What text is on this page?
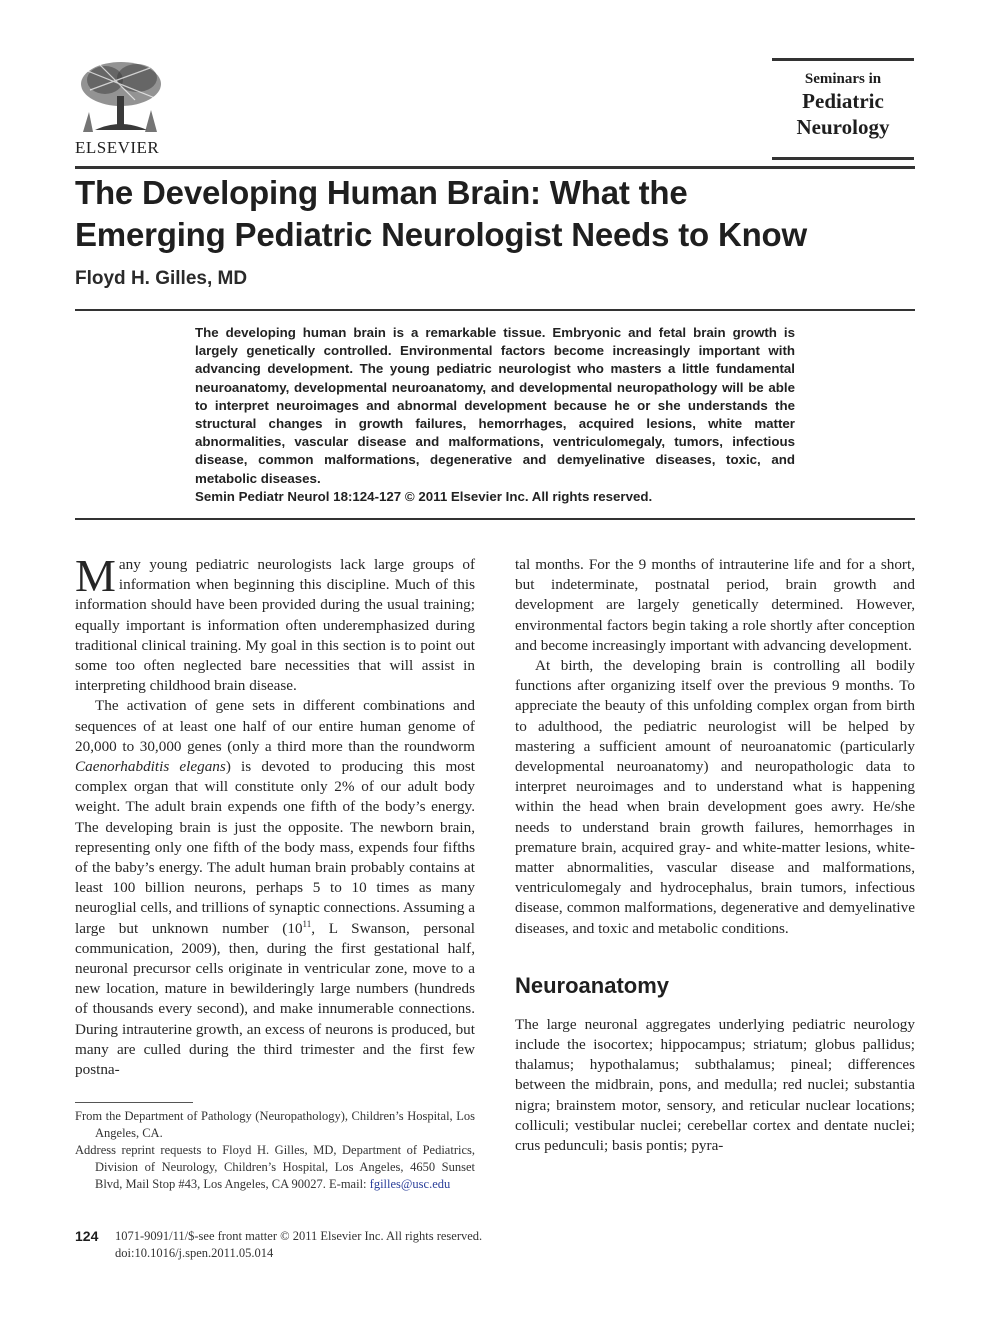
ELSEVIER
Seminars in
Pediatric
Neurology
The Developing Human Brain: What the
Emerging Pediatric Neurologist Needs to Know
Floyd H. Gilles, MD
The developing human brain is a remarkable tissue. Embryonic and fetal brain growth is largely genetically controlled. Environmental factors become increasingly important with advancing development. The young pediatric neurologist who masters a little fundamental neuroanatomy, developmental neuroanatomy, and developmental neuropathology will be able to interpret neuroimages and abnormal development because he or she understands the structural changes in growth failures, hemorrhages, acquired lesions, white matter abnormalities, vascular disease and malformations, ventriculomegaly, tumors, infectious disease, common malformations, degenerative and demyelinative diseases, toxic, and metabolic diseases.
Semin Pediatr Neurol 18:124-127 © 2011 Elsevier Inc. All rights reserved.

Many young pediatric neurologists lack large groups of information when beginning this discipline. Much of this information should have been provided during the usual training; equally important is information often underemphasized during traditional clinical training. My goal in this section is to point out some too often neglected bare necessities that will assist in interpreting childhood brain disease.

The activation of gene sets in different combinations and sequences of at least one half of our entire human genome of 20,000 to 30,000 genes (only a third more than the roundworm Caenorhabditis elegans) is devoted to producing this most complex organ that will constitute only 2% of our adult body weight. The adult brain expends one fifth of the body’s energy. The developing brain is just the opposite. The newborn brain, representing only one fifth of the body mass, expends four fifths of the baby’s energy. The adult human brain probably contains at least 100 billion neurons, perhaps 5 to 10 times as many neuroglial cells, and trillions of synaptic connections. Assuming a large but unknown number ($10^{11}$, L Swanson, personal communication, 2009), then, during the first gestational half, neuronal precursor cells originate in ventricular zone, move to a new location, mature in bewilderingly large numbers (hundreds of thousands every second), and make innumerable connections. During intrauterine growth, an excess of neurons is produced, but many are culled during the third trimester and the first few postna-

tal months. For the 9 months of intrauterine life and for a short, but indeterminate, postnatal period, brain growth and development are largely genetically determined. However, environmental factors begin taking a role shortly after conception and become increasingly important with advancing development.

At birth, the developing brain is controlling all bodily functions after organizing itself over the previous 9 months. To appreciate the beauty of this unfolding complex organ from birth to adulthood, the pediatric neurologist will be helped by mastering a sufficient amount of neuroanatomic (particularly developmental neuroanatomy) and neuropathologic data to interpret neuroimages and to understand what is happening within the head when brain development goes awry. He/she needs to understand brain growth failures, hemorrhages in premature brain, acquired gray- and white-matter lesions, white-matter abnormalities, vascular disease and malformations, ventriculomegaly and hydrocephalus, brain tumors, infectious disease, common malformations, degenerative and demyelinative diseases, and toxic and metabolic conditions.

Neuroanatomy

The large neuronal aggregates underlying pediatric neurology include the isocortex; hippocampus; striatum; globus pallidus; thalamus; hypothalamus; subthalamus; pineal; differences between the midbrain, pons, and medulla; red nuclei; substantia nigra; brainstem motor, sensory, and reticular nuclear locations; colliculi; vestibular nuclei; cerebellar cortex and dentate nuclei; crus pedunculi; basis pontis; pyra-

From the Department of Pathology (Neuropathology), Children’s Hospital, Los Angeles, CA.

Address reprint requests to Floyd H. Gilles, MD, Department of Pediatrics, Division of Neurology, Children’s Hospital, Los Angeles, 4650 Sunset Blvd, Mail Stop #43, Los Angeles, CA 90027. E-mail: fgilles@usc.edu

124 1071-9091/11/$-see front matter © 2011 Elsevier Inc. All rights reserved.
doi:10.1016/j.spen.2011.05.014
